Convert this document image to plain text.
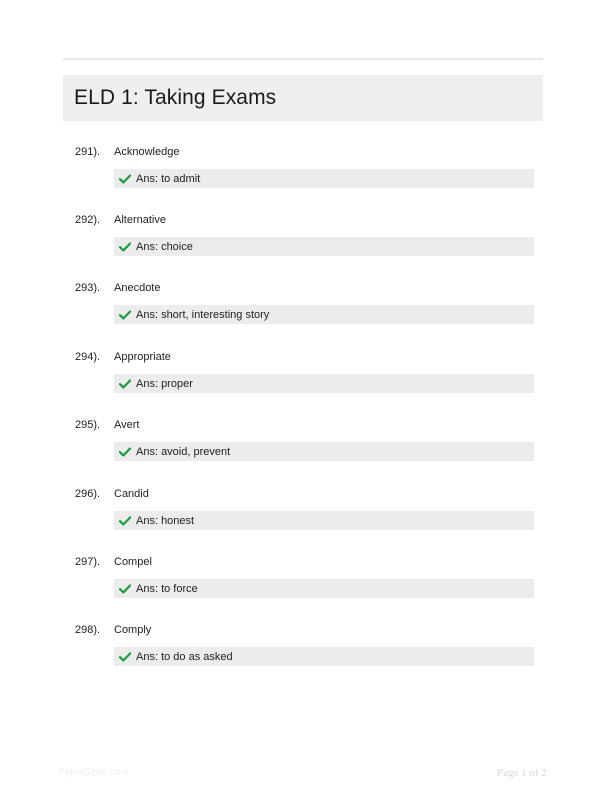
ELD 1: Taking Exams
291). Acknowledge
Ans: to admit
292). Alternative
Ans: choice
293). Anecdote
Ans: short, interesting story
294). Appropriate
Ans: proper
295). Avert
Ans: avoid, prevent
296). Candid
Ans: honest
297). Compel
Ans: to force
298). Comply
Ans: to do as asked
PaperSlide.com	Page 1 of 2
